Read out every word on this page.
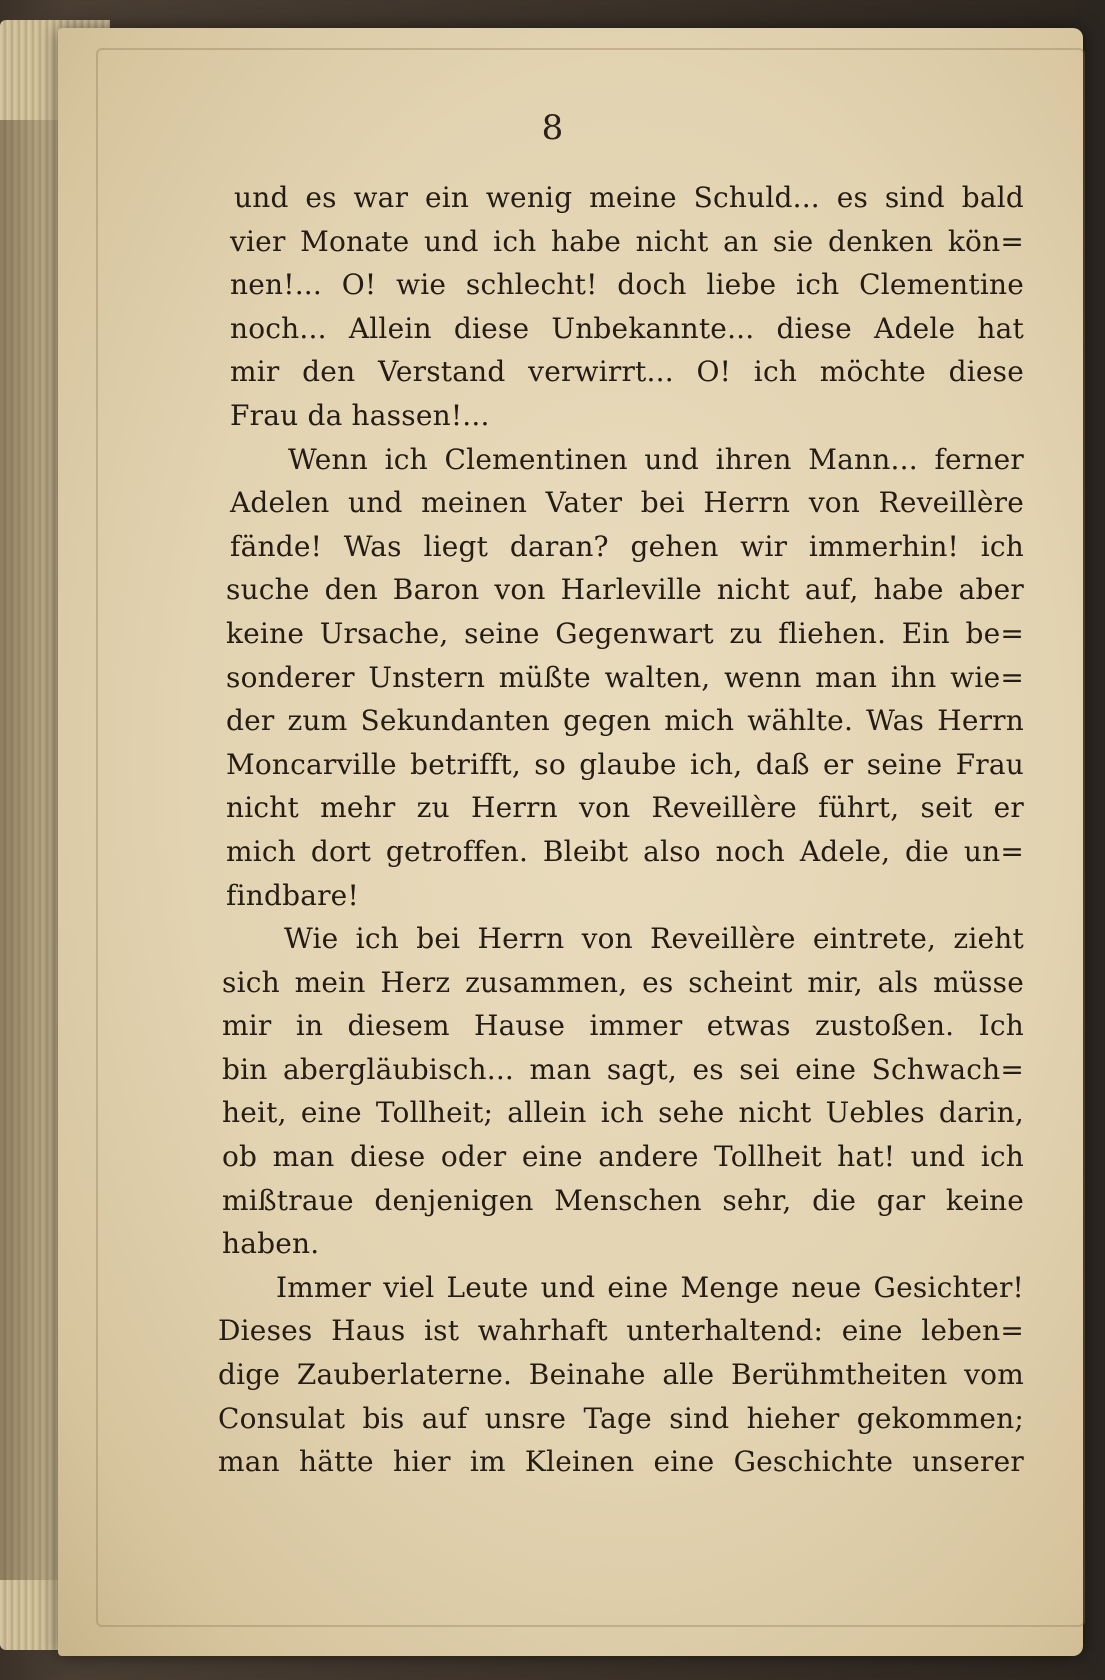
8
und es war ein wenig meine Schuld... es sind bald
vier Monate und ich habe nicht an sie denken kön=
nen!... O! wie schlecht! doch liebe ich Clementine
noch... Allein diese Unbekannte... diese Adele hat
mir den Verstand verwirrt... O! ich möchte diese
Frau da hassen!...
Wenn ich Clementinen und ihren Mann... ferner
Adelen und meinen Vater bei Herrn von Reveillère
fände! Was liegt daran? gehen wir immerhin! ich
suche den Baron von Harleville nicht auf, habe aber
keine Ursache, seine Gegenwart zu fliehen. Ein be=
sonderer Unstern müßte walten, wenn man ihn wie=
der zum Sekundanten gegen mich wählte. Was Herrn
Moncarville betrifft, so glaube ich, daß er seine Frau
nicht mehr zu Herrn von Reveillère führt, seit er
mich dort getroffen. Bleibt also noch Adele, die un=
findbare!
Wie ich bei Herrn von Reveillère eintrete, zieht
sich mein Herz zusammen, es scheint mir, als müsse
mir in diesem Hause immer etwas zustoßen. Ich
bin abergläubisch... man sagt, es sei eine Schwach=
heit, eine Tollheit; allein ich sehe nicht Uebles darin,
ob man diese oder eine andere Tollheit hat! und ich
mißtraue denjenigen Menschen sehr, die gar keine
haben.
Immer viel Leute und eine Menge neue Gesichter!
Dieses Haus ist wahrhaft unterhaltend: eine leben=
dige Zauberlaterne. Beinahe alle Berühmtheiten vom
Consulat bis auf unsre Tage sind hieher gekommen;
man hätte hier im Kleinen eine Geschichte unserer
